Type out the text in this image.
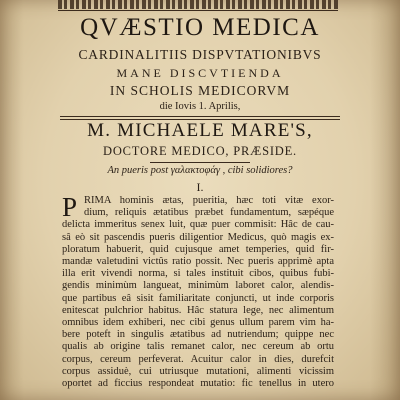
QVÆSTIO MEDICA
CARDINALITIIS DISPVTATIONIBVS
MANE DISCVTIENDA
IN SCHOLIS MEDICORVM
die Iovis 1. Aprilis,
M. MICHAELE MARE'S,
DOCTORE MEDICO, PRÆSIDE.
An pueris post γαλακτοφάγ , cibi solidiores?
I.
P RIMA hominis ætas, pueritia, hæc toti vitæ exor-
dium, reliquis ætatibus præbet fundamentum, sæpéque
delicta immeritus senex luit, quæ puer commisit: Hâc de cau-
sâ eò sit pascendis pueris diligentior Medicus, quò magis ex-
ploratum habuerit, quid cujusque amet temperies, quid fir-
mandæ valetudini victûs ratio possit. Nec pueris apprimè apta
illa erit vivendi norma, si tales instituit cibos, quibus fubi-
gendis minimùm langueat, minimùm laboret calor, alendis-
que partibus eâ sisit familiaritate conjuncti, ut inde corporis
enitescat pulchrior habitus. Hâc statura lege, nec alimentum
omnibus idem exhiberi, nec cibi genus ullum parem vim ha-
bere poteft in singulis ætatibus ad nutriendum; quippe nec
qualis ab origine talis remanet calor, nec cereum ab ortu
corpus, cereum perfeverat. Acuitur calor in dies, durefcit
corpus assiduè, cui utriusque mutationi, alimenti vicissim
oportet ad ficcius respondeat mutatio: fic tenellus in utero
